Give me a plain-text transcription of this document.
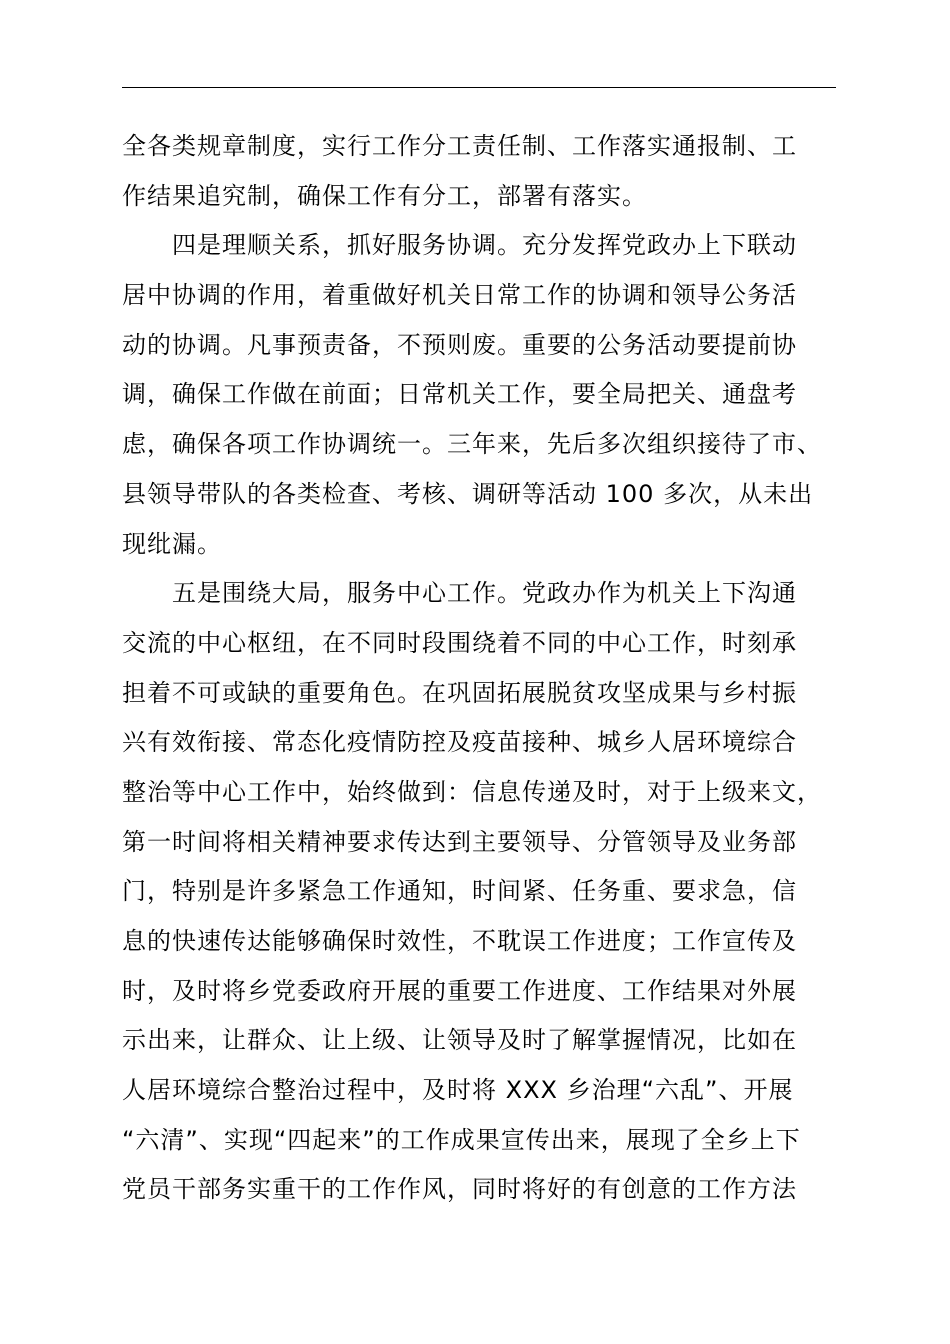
全各类规章制度，实行工作分工责任制、工作落实通报制、工
作结果追究制，确保工作有分工，部署有落实。
四是理顺关系，抓好服务协调。充分发挥党政办上下联动
居中协调的作用，着重做好机关日常工作的协调和领导公务活
动的协调。凡事预责备，不预则废。重要的公务活动要提前协
调，确保工作做在前面；日常机关工作，要全局把关、通盘考
虑，确保各项工作协调统一。三年来，先后多次组织接待了市、
县领导带队的各类检查、考核、调研等活动 100 多次，从未出
现纰漏。
五是围绕大局，服务中心工作。党政办作为机关上下沟通
交流的中心枢纽，在不同时段围绕着不同的中心工作，时刻承
担着不可或缺的重要角色。在巩固拓展脱贫攻坚成果与乡村振
兴有效衔接、常态化疫情防控及疫苗接种、城乡人居环境综合
整治等中心工作中，始终做到：信息传递及时，对于上级来文，
第一时间将相关精神要求传达到主要领导、分管领导及业务部
门，特别是许多紧急工作通知，时间紧、任务重、要求急，信
息的快速传达能够确保时效性，不耽误工作进度；工作宣传及
时，及时将乡党委政府开展的重要工作进度、工作结果对外展
示出来，让群众、让上级、让领导及时了解掌握情况，比如在
人居环境综合整治过程中，及时将 XXX 乡治理“六乱”、开展
“六清”、实现“四起来”的工作成果宣传出来，展现了全乡上下
党员干部务实重干的工作作风，同时将好的有创意的工作方法
